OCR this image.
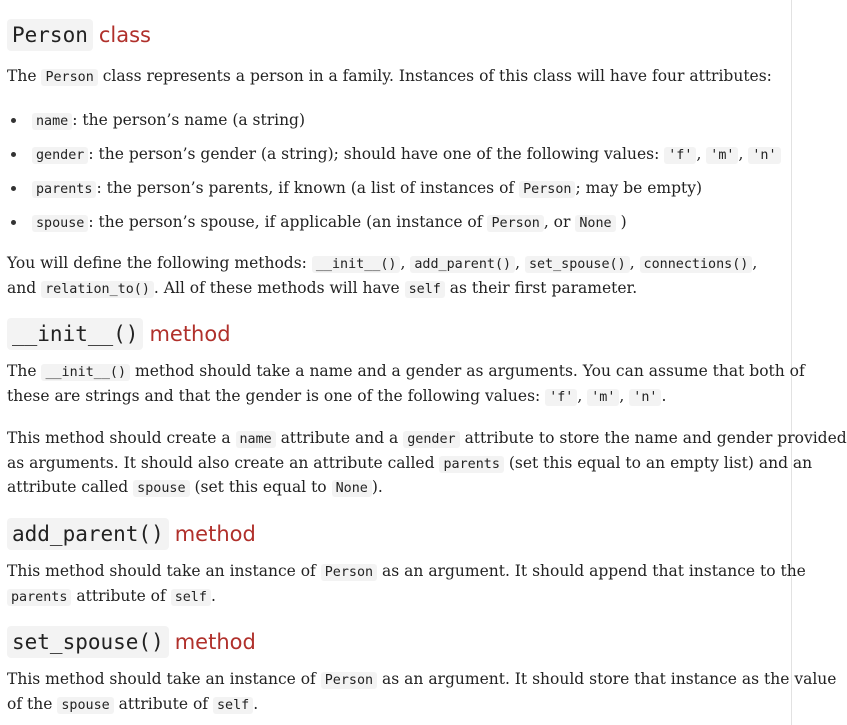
Person class

The Person class represents a person in a family. Instances of this class will have four attributes:

name : the person’s name (a string)
gender : the person’s gender (a string); should have one of the following values: 'f' , 'm' , 'n'
parents : the person’s parents, if known (a list of instances of Person ; may be empty)
spouse : the person’s spouse, if applicable (an instance of Person , or None )

You will define the following methods: __init__() , add_parent() , set_spouse() , connections() ,
and relation_to() . All of these methods will have self as their first parameter.

__init__() method

The __init__() method should take a name and a gender as arguments. You can assume that both of
these are strings and that the gender is one of the following values: 'f' , 'm' , 'n' .

This method should create a name attribute and a gender attribute to store the name and gender provided
as arguments. It should also create an attribute called parents (set this equal to an empty list) and an
attribute called spouse (set this equal to None ).

add_parent() method

This method should take an instance of Person as an argument. It should append that instance to the
parents attribute of self .

set_spouse() method

This method should take an instance of Person as an argument. It should store that instance as the value
of the spouse attribute of self .
